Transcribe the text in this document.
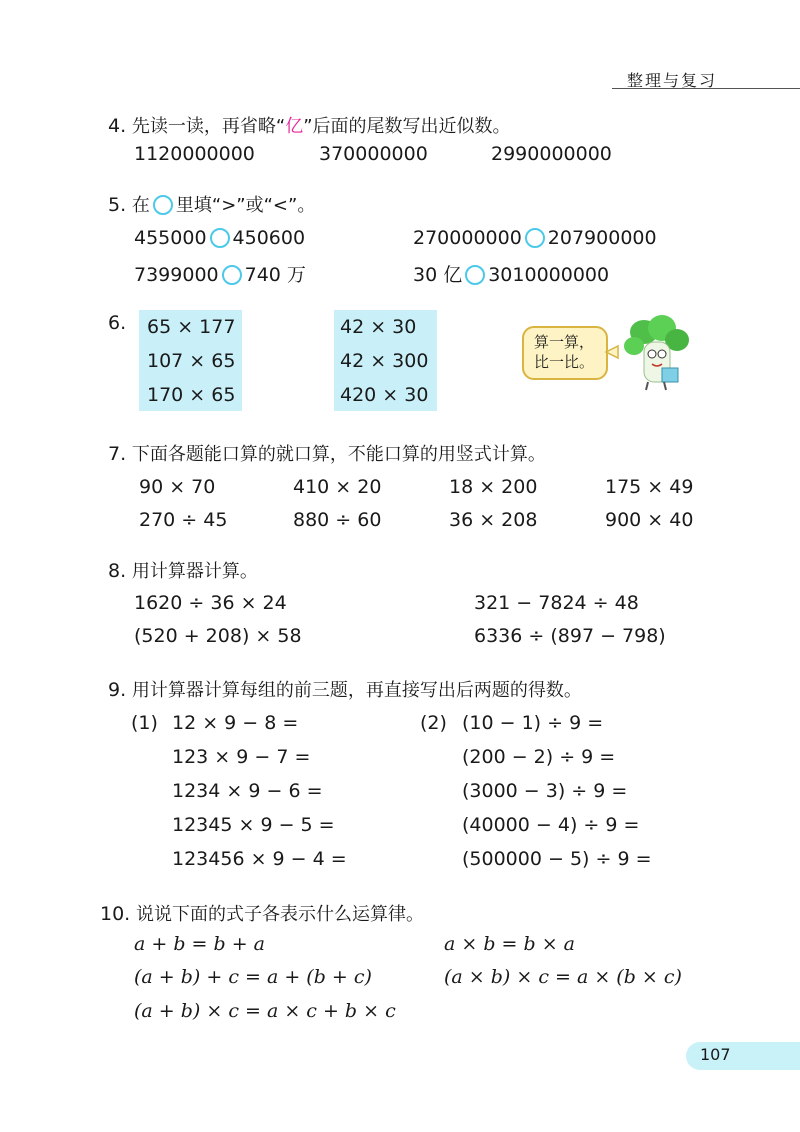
整理与复习
4. 先读一读，再省略“亿”后面的尾数写出近似数。
1120000000	370000000	2990000000
5. 在 里填“>”或“<”。
455000 450600	270000000 207900000
7399000 740 万	30 亿 3010000000
6. 65 × 177
107 × 65
170 × 65
42 × 30
42 × 300
420 × 30
算一算，
比一比。
7. 下面各题能口算的就口算，不能口算的用竖式计算。
90 × 70	410 × 20	18 × 200	175 × 49
270 ÷ 45	880 ÷ 60	36 × 208	900 × 40
8. 用计算器计算。
1620 ÷ 36 × 24	321 − 7824 ÷ 48
(520 + 208) × 58	6336 ÷ (897 − 798)
9. 用计算器计算每组的前三题，再直接写出后两题的得数。
(1) 12 × 9 − 8 =
123 × 9 − 7 =
1234 × 9 − 6 =
12345 × 9 − 5 =
123456 × 9 − 4 =
(2) (10 − 1) ÷ 9 =
(200 − 2) ÷ 9 =
(3000 − 3) ÷ 9 =
(40000 − 4) ÷ 9 =
(500000 − 5) ÷ 9 =
10. 说说下面的式子各表示什么运算律。
a + b = b + a	a × b = b × a
(a + b) + c = a + (b + c)	(a × b) × c = a × (b × c)
(a + b) × c = a × c + b × c
107
